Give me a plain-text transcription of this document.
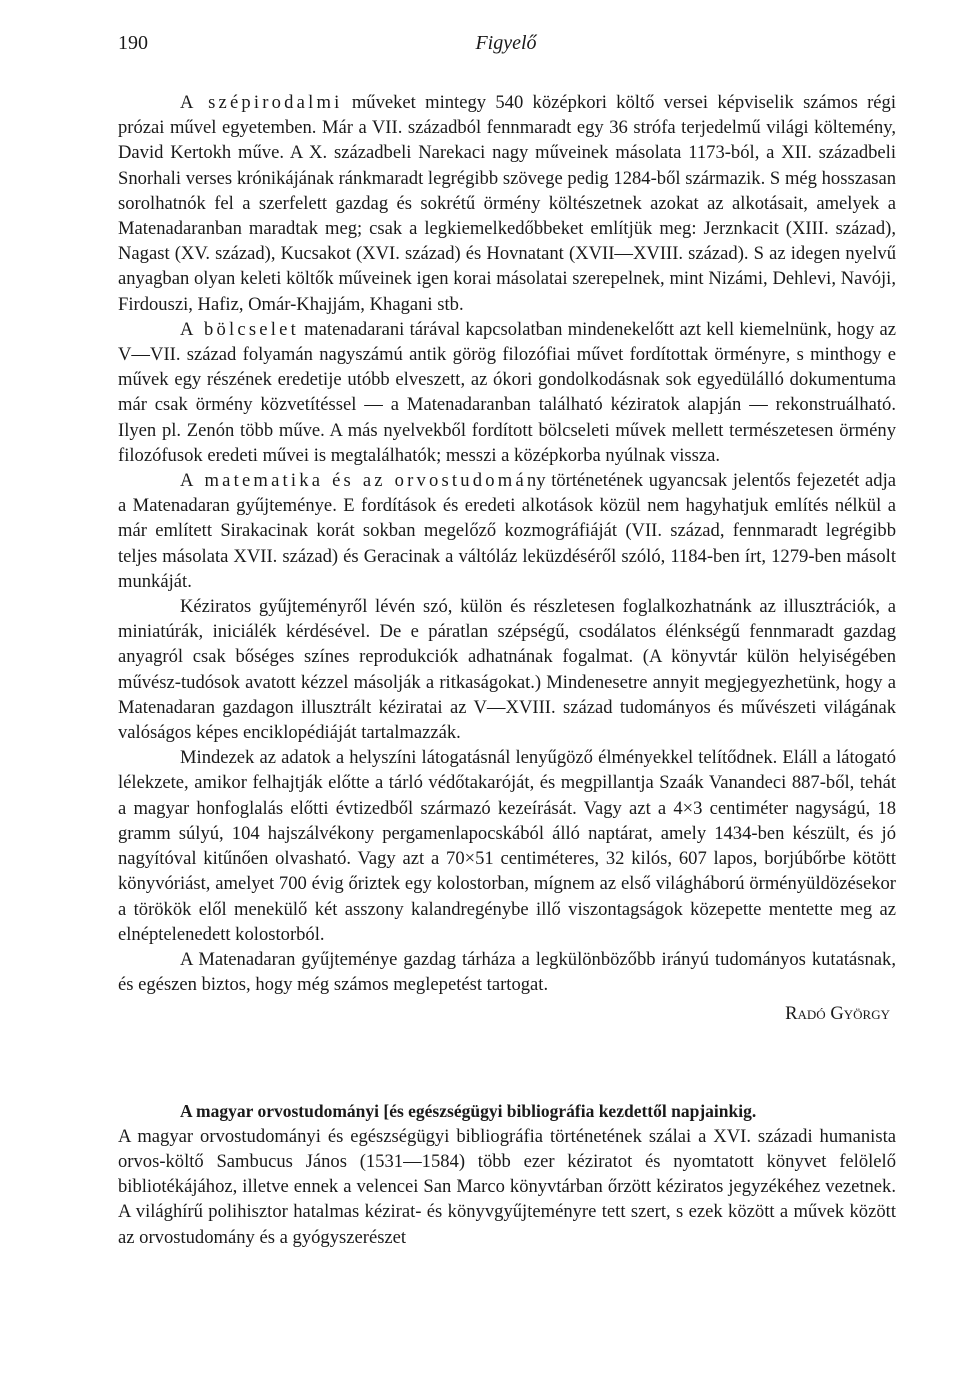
190	Figyelő

A szépirodalmi műveket mintegy 540 középkori költő versei képviselik számos régi prózai művel egyetemben. Már a VII. századból fennmaradt egy 36 strófa terjedelmű világi költemény, David Kertokh műve. A X. századbeli Narekaci nagy műveinek másolata 1173-ból, a XII. századbeli Snorhali verses krónikájának ránkmaradt legrégibb szövege pedig 1284-ből származik. S még hosszasan sorolhatnók fel a szerfelett gazdag és sokrétű örmény költészetnek azokat az alkotásait, amelyek a Matenadaranban maradtak meg; csak a legkiemelkedőbbeket említjük meg: Jerznkacit (XIII. század), Nagast (XV. század), Kucsakot (XVI. század) és Hovnatant (XVII—XVIII. század). S az idegen nyelvű anyagban olyan keleti költők műveinek igen korai másolatai szerepelnek, mint Nizámi, Dehlevi, Navóji, Firdouszi, Hafiz, Omár-Khajjám, Khagani stb.

A bölcselet matenadarani tárával kapcsolatban mindenekelőtt azt kell kiemelnünk, hogy az V—VII. század folyamán nagyszámú antik görög filozófiai művet fordítottak örményre, s minthogy e művek egy részének eredetije utóbb elveszett, az ókori gondolkodásnak sok egyedülálló dokumentuma már csak örmény közvetítéssel — a Matenadaranban található kéziratok alapján — rekonstruálható. Ilyen pl. Zenón több műve. A más nyelvekből fordított bölcseleti művek mellett természetesen örmény filozófusok eredeti művei is megtalálhatók; messzi a középkorba nyúlnak vissza.

A matematika és az orvostudomány történetének ugyancsak jelentős fejezetét adja a Matenadaran gyűjteménye. E fordítások és eredeti alkotások közül nem hagyhatjuk említés nélkül a már említett Sirakacinak korát sokban megelőző kozmográfiáját (VII. század, fennmaradt legrégibb teljes másolata XVII. század) és Geracinak a váltóláz leküzdéséről szóló, 1184-ben írt, 1279-ben másolt munkáját.

Kéziratos gyűjteményről lévén szó, külön és részletesen foglalkozhatnánk az illusztrációk, a miniatúrák, iniciálék kérdésével. De e páratlan szépségű, csodálatos élénkségű fennmaradt gazdag anyagról csak bőséges színes reprodukciók adhatnának fogalmat. (A könyvtár külön helyiségében művész-tudósok avatott kézzel másolják a ritkaságokat.) Mindenesetre annyit megjegyezhetünk, hogy a Matenadaran gazdagon illusztrált kéziratai az V—XVIII. század tudományos és művészeti világának valóságos képes enciklopédiáját tartalmazzák.

Mindezek az adatok a helyszíni látogatásnál lenyűgöző élményekkel telítődnek. Eláll a látogató lélekzete, amikor felhajtják előtte a tárló védőtakaróját, és megpillantja Szaák Vanandeci 887-ből, tehát a magyar honfoglalás előtti évtizedből származó kezeírását. Vagy azt a 4×3 centiméter nagyságú, 18 gramm súlyú, 104 hajszálvékony pergamenlapocskából álló naptárat, amely 1434-ben készült, és jó nagyítóval kitűnően olvasható. Vagy azt a 70×51 centiméteres, 32 kilós, 607 lapos, borjúbőrbe kötött könyvóriást, amelyet 700 évig őriztek egy kolostorban, mígnem az első világháború örményüldözésekor a törökök elől menekülő két asszony kalandregénybe illő viszontagságok közepette mentette meg az elnéptelenedett kolostorból.

A Matenadaran gyűjteménye gazdag tárháza a legkülönbözőbb irányú tudományos kutatásnak, és egészen biztos, hogy még számos meglepetést tartogat.

Radó György

A magyar orvostudományi [és egészségügyi bibliográfia kezdettől napjainkig.

A magyar orvostudományi és egészségügyi bibliográfia történetének szálai a XVI. századi humanista orvos-költő Sambucus János (1531—1584) több ezer kéziratot és nyomtatott könyvet felölelő bibliotékájához, illetve ennek a velencei San Marco könyvtárban őrzött kéziratos jegyzékéhez vezetnek. A világhírű polihisztor hatalmas kézirat- és könyvgyűjteményre tett szert, s ezek között a művek között az orvostudomány és a gyógyszerészet
